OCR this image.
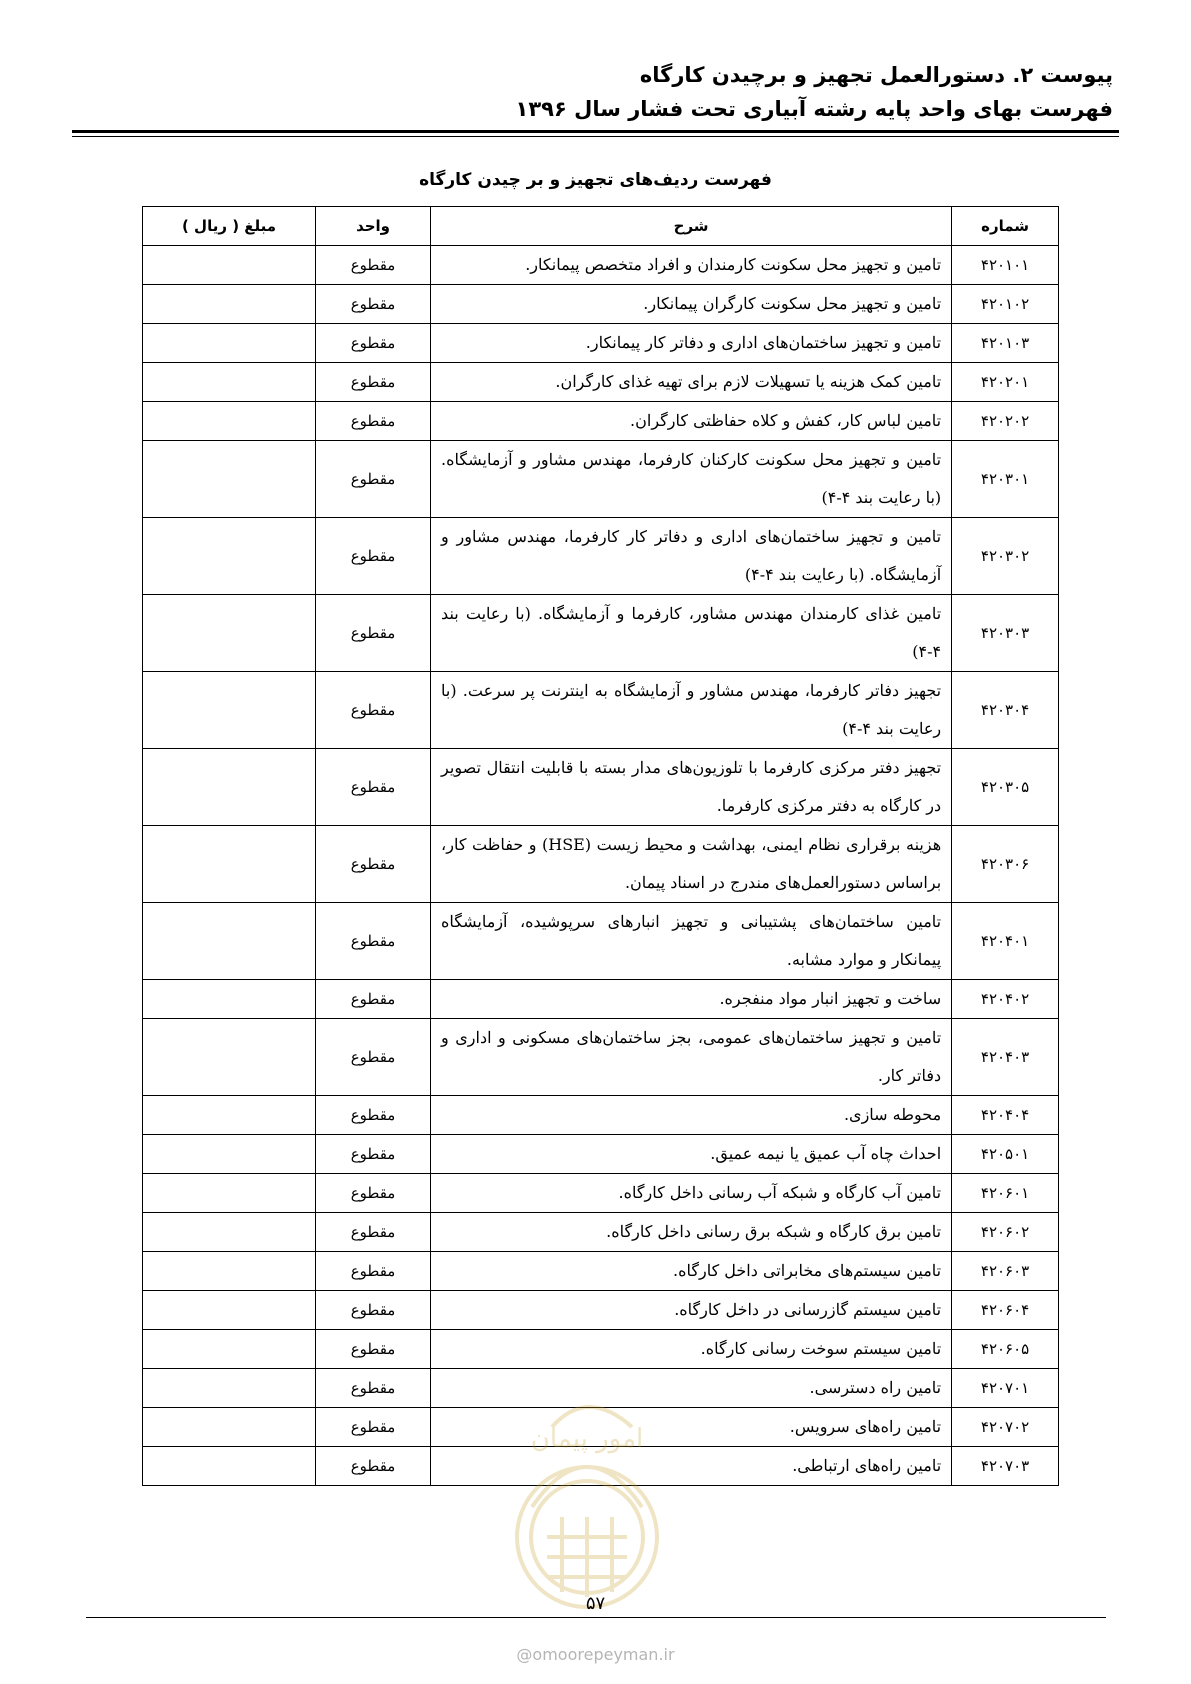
پیوست ۲. دستورالعمل تجهیز و برچیدن کارگاه
فهرست بهای واحد پایه رشته آبیاری تحت فشار سال ۱۳۹۶
فهرست ردیف‌های تجهیز و بر چیدن کارگاه
شماره	شرح	واحد	مبلغ ( ریال )
۴۲۰۱۰۱	تامین و تجهیز محل سکونت کارمندان و افراد متخصص پیمانکار.	مقطوع	
۴۲۰۱۰۲	تامین و تجهیز محل سکونت کارگران پیمانکار.	مقطوع	
۴۲۰۱۰۳	تامین و تجهیز ساختمان‌های اداری و دفاتر کار پیمانکار.	مقطوع	
۴۲۰۲۰۱	تامین کمک هزینه یا تسهیلات لازم برای تهیه غذای کارگران.	مقطوع	
۴۲۰۲۰۲	تامین لباس کار، کفش و کلاه حفاظتی کارگران.	مقطوع	
۴۲۰۳۰۱	تامین و تجهیز محل سکونت کارکنان کارفرما، مهندس مشاور و آزمایشگاه. (با رعایت بند ۴-۴)	مقطوع	
۴۲۰۳۰۲	تامین و تجهیز ساختمان‌های اداری و دفاتر کار کارفرما، مهندس مشاور و آزمایشگاه. (با رعایت بند ۴-۴)	مقطوع	
۴۲۰۳۰۳	تامین غذای کارمندان مهندس مشاور، کارفرما و آزمایشگاه. (با رعایت بند ۴-۴)	مقطوع	
۴۲۰۳۰۴	تجهیز دفاتر کارفرما، مهندس مشاور و آزمایشگاه به اینترنت پر سرعت. (با رعایت بند ۴-۴)	مقطوع	
۴۲۰۳۰۵	تجهیز دفتر مرکزی کارفرما با تلوزیون‌های مدار بسته با قابلیت انتقال تصویر در کارگاه به دفتر مرکزی کارفرما.	مقطوع	
۴۲۰۳۰۶	هزینه برقراری نظام ایمنی، بهداشت و محیط زیست (HSE) و حفاظت کار، براساس دستورالعمل‌های مندرج در اسناد پیمان.	مقطوع	
۴۲۰۴۰۱	تامین ساختمان‌های پشتیبانی و تجهیز انبارهای سرپوشیده، آزمایشگاه پیمانکار و موارد مشابه.	مقطوع	
۴۲۰۴۰۲	ساخت و تجهیز انبار مواد منفجره.	مقطوع	
۴۲۰۴۰۳	تامین و تجهیز ساختمان‌های عمومی، بجز ساختمان‌های مسکونی و اداری و دفاتر کار.	مقطوع	
۴۲۰۴۰۴	محوطه سازی.	مقطوع	
۴۲۰۵۰۱	احداث چاه آب عمیق یا نیمه عمیق.	مقطوع	
۴۲۰۶۰۱	تامین آب کارگاه و شبکه آب رسانی داخل کارگاه.	مقطوع	
۴۲۰۶۰۲	تامین برق کارگاه و شبکه برق رسانی داخل کارگاه.	مقطوع	
۴۲۰۶۰۳	تامین سیستم‌های مخابراتی داخل کارگاه.	مقطوع	
۴۲۰۶۰۴	تامین سیستم گازرسانی در داخل کارگاه.	مقطوع	
۴۲۰۶۰۵	تامین سیستم سوخت رسانی کارگاه.	مقطوع	
۴۲۰۷۰۱	تامین راه دسترسی.	مقطوع	
۴۲۰۷۰۲	تامین راه‌های سرویس.	مقطوع	
۴۲۰۷۰۳	تامین راه‌های ارتباطی.	مقطوع	
امور پیمان
۵۷
@omoorepeyman.ir
